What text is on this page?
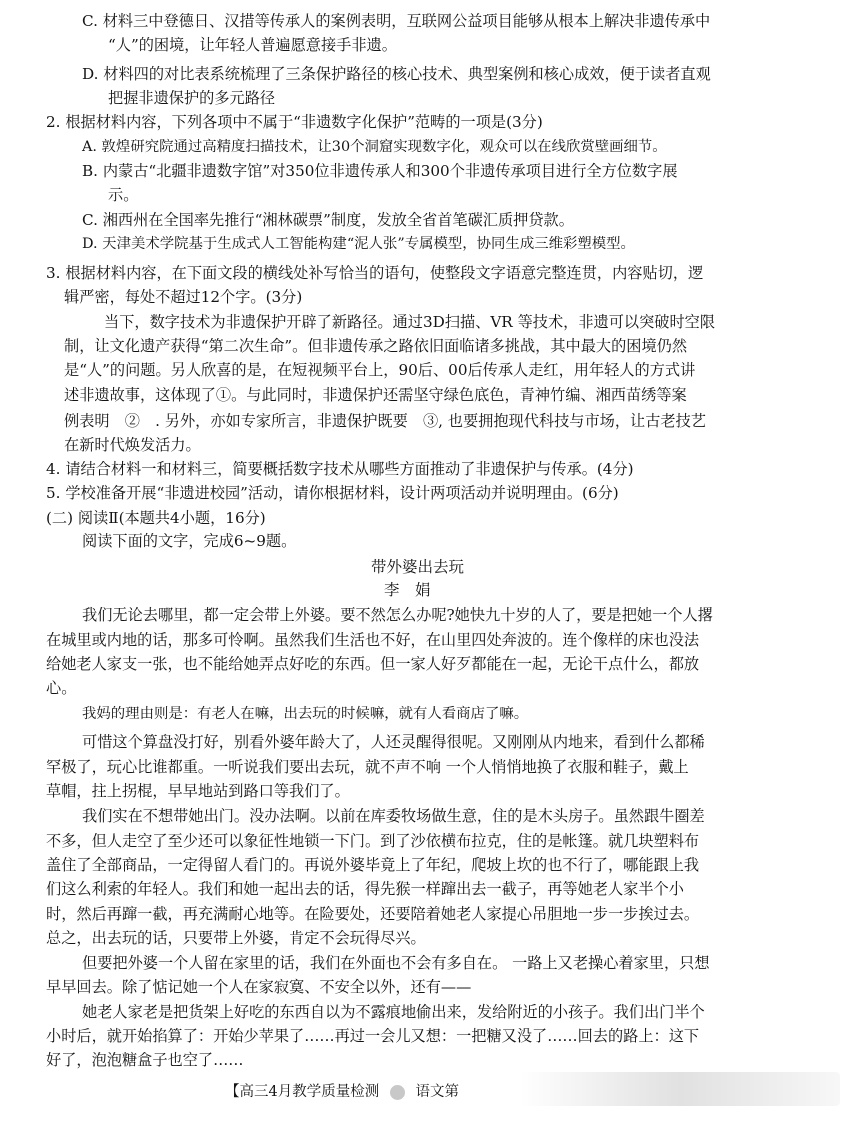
C. 材料三中登德日、汉措等传承人的案例表明，互联网公益项目能够从根本上解决非遗传承中
“人”的困境，让年轻人普遍愿意接手非遗。
D. 材料四的对比表系统梳理了三条保护路径的核心技术、典型案例和核心成效，便于读者直观
把握非遗保护的多元路径
2. 根据材料内容，下列各项中不属于“非遗数字化保护”范畴的一项是(3分)
A. 敦煌研究院通过高精度扫描技术，让30个洞窟实现数字化，观众可以在线欣赏壁画细节。
B. 内蒙古“北疆非遗数字馆”对350位非遗传承人和300个非遗传承项目进行全方位数字展
示。
C. 湘西州在全国率先推行“湘林碳票”制度，发放全省首笔碳汇质押贷款。
D. 天津美术学院基于生成式人工智能构建“泥人张”专属模型，协同生成三维彩塑模型。
3. 根据材料内容，在下面文段的横线处补写恰当的语句，使整段文字语意完整连贯，内容贴切，逻
辑严密，每处不超过12个字。(3分)
当下，数字技术为非遗保护开辟了新路径。通过3D扫描、VR 等技术，非遗可以突破时空限
制，让文化遗产获得“第二次生命”。但非遗传承之路依旧面临诸多挑战，其中最大的困境仍然
是“人”的问题。另人欣喜的是，在短视频平台上，90后、00后传承人走红，用年轻人的方式讲
述非遗故事，这体现了①。与此同时，非遗保护还需坚守绿色底色，青神竹编、湘西苗绣等案
例表明　②　. 另外，亦如专家所言，非遗保护既要　③, 也要拥抱现代科技与市场，让古老技艺
在新时代焕发活力。
4. 请结合材料一和材料三，简要概括数字技术从哪些方面推动了非遗保护与传承。(4分)
5. 学校准备开展“非遗进校园”活动，请你根据材料，设计两项活动并说明理由。(6分)
(二) 阅读Ⅱ(本题共4小题，16分)
阅读下面的文字，完成6~9题。
带外婆出去玩
李　娟
我们无论去哪里，都一定会带上外婆。要不然怎么办呢?她快九十岁的人了，要是把她一个人撂
在城里或内地的话，那多可怜啊。虽然我们生活也不好，在山里四处奔波的。连个像样的床也没法
给她老人家支一张，也不能给她弄点好吃的东西。但一家人好歹都能在一起，无论干点什么，都放
心。
我妈的理由则是：有老人在嘛，出去玩的时候嘛，就有人看商店了嘛。
可惜这个算盘没打好，别看外婆年龄大了，人还灵醒得很呢。又刚刚从内地来，看到什么都稀
罕极了，玩心比谁都重。一听说我们要出去玩，就不声不响 一个人悄悄地换了衣服和鞋子，戴上
草帽，拄上拐棍，早早地站到路口等我们了。
我们实在不想带她出门。没办法啊。以前在库委牧场做生意，住的是木头房子。虽然跟牛圈差
不多，但人走空了至少还可以象征性地锁一下门。到了沙依横布拉克，住的是帐篷。就几块塑料布
盖住了全部商品，一定得留人看门的。再说外婆毕竟上了年纪，爬坡上坎的也不行了，哪能跟上我
们这么利索的年轻人。我们和她一起出去的话，得先猴一样蹿出去一截子，再等她老人家半个小
时，然后再蹿一截，再充满耐心地等。在险要处，还要陪着她老人家提心吊胆地一步一步挨过去。
总之，出去玩的话，只要带上外婆，肯定不会玩得尽兴。
但要把外婆一个人留在家里的话，我们在外面也不会有多自在。 一路上又老操心着家里，只想
早早回去。除了惦记她一个人在家寂寞、不安全以外，还有——
她老人家老是把货架上好吃的东西自以为不露痕地偷出来，发给附近的小孩子。我们出门半个
小时后，就开始掐算了：开始少苹果了……再过一会儿又想：一把糖又没了……回去的路上：这下
好了，泡泡糖盒子也空了……
【高三4月教学质量检测 语文第
